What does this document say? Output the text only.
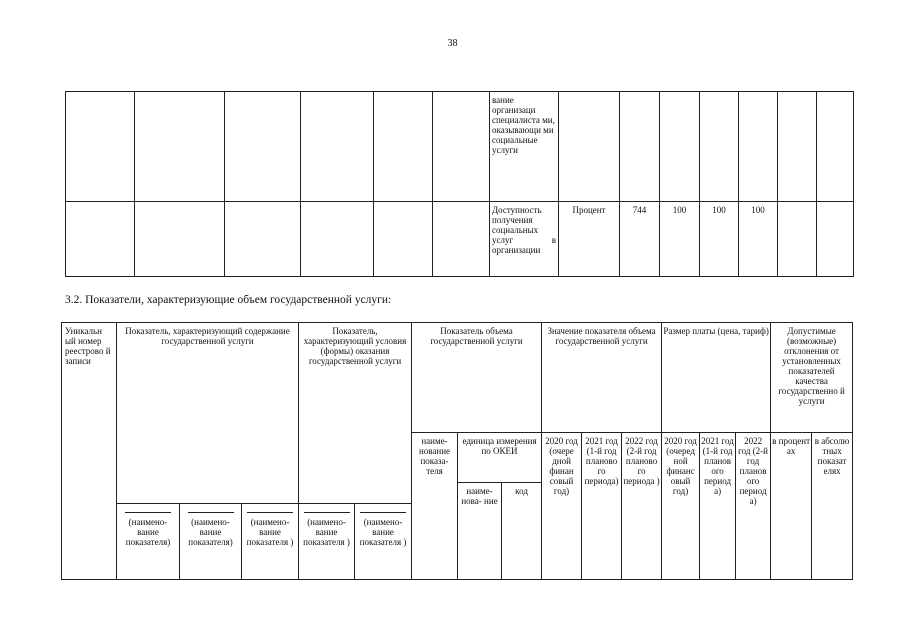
38
						вание организаци специалиста ми, оказывающи ми социальные услуги							
						Доступность получения социальных услуг в организации	Процент	744	100	100	100		
3.2. Показатели, характеризующие объем государственной услуги:
Уникальн ый номер реестрово й записи	Показатель, характеризующий содержание государственной услуги			Показатель, характеризующий условия (формы) оказания государственной услуги		Показатель объема государственной услуги			Значение показателя объема государственной услуги			Размер платы (цена, тариф)			Допустимые (возможные) отклонения от установленных показателей качества государственно й услуги	
						наиме- нование показа- теля	единица измерения по ОКЕИ		2020 год (очере дной финан совый год)	2021 год (1-й год планово го периода)	2022 год (2-й год планово го периода )	2020 год (очеред ной финанс овый год)	2021 год (1-й год планов ого период а)	2022 год (2-й год планов ого период а)	в процент ах	в абсолю тных показат елях
							наиме- нова- ние	код								

	(наимено- вание показателя)	(наимено- вание показателя)	(наимено- вание показателя )	(наимено- вание показателя )	(наимено- вание показателя )											
